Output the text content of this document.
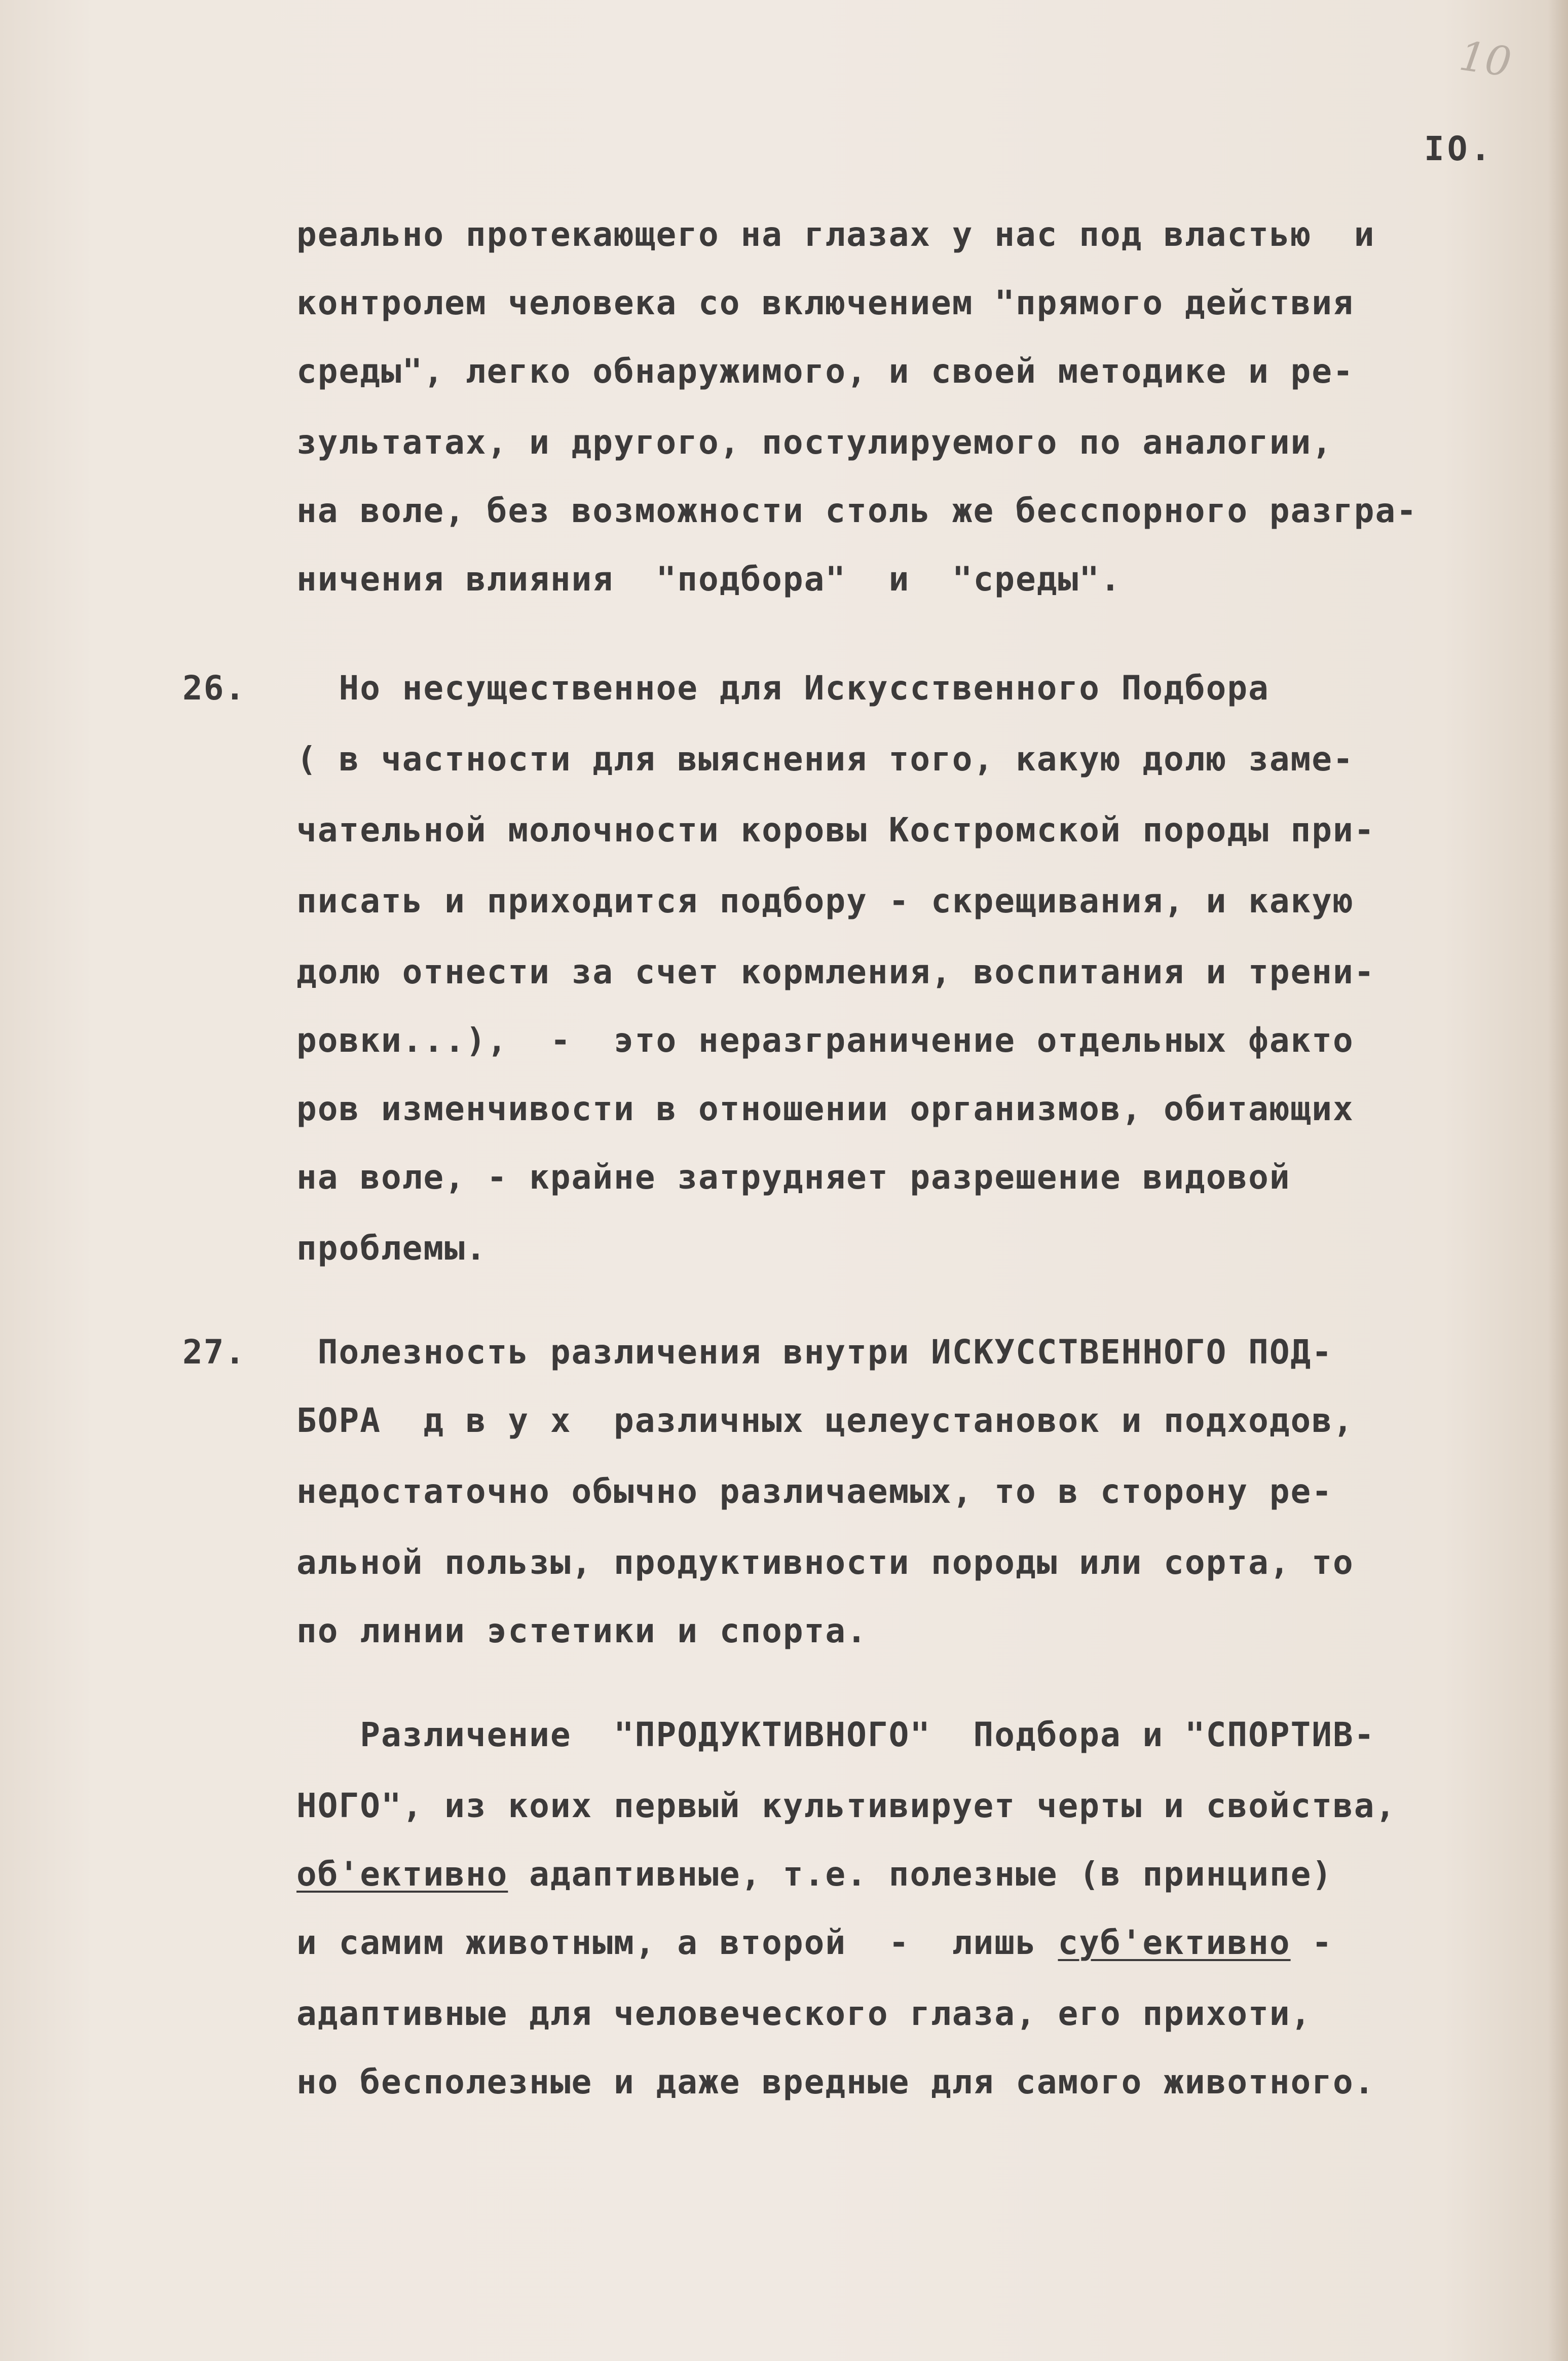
10
IO.
реально протекающего на глазах у нас под властью  и
контролем человека со включением "прямого действия
среды", легко обнаружимого, и своей методике и ре-
зультатах, и другого, постулируемого по аналогии,
на воле, без возможности столь же бесспорного разгра-
ничения влияния  "подбора"  и  "среды".
26. Но несущественное для Искусственного Подбора
( в частности для выяснения того, какую долю заме-
чательной молочности коровы Костромской породы при-
писать и приходится подбору - скрещивания, и какую
долю отнести за счет кормления, воспитания и трени-
ровки...),  -  это неразграничение отдельных факто
ров изменчивости в отношении организмов, обитающих
на воле, - крайне затрудняет разрешение видовой
проблемы.
27. Полезность различения внутри ИСКУССТВЕННОГО ПОД-
БОРА  д в у х  различных целеустановок и подходов,
недостаточно обычно различаемых, то в сторону ре-
альной пользы, продуктивности породы или сорта, то
по линии эстетики и спорта.
Различение  "ПРОДУКТИВНОГО"  Подбора и "СПОРТИВ-
НОГО", из коих первый культивирует черты и свойства,
об'ективно адаптивные, т.е. полезные (в принципе)
и самим животным, а второй  -  лишь суб'ективно -
адаптивные для человеческого глаза, его прихоти,
но бесполезные и даже вредные для самого животного.
